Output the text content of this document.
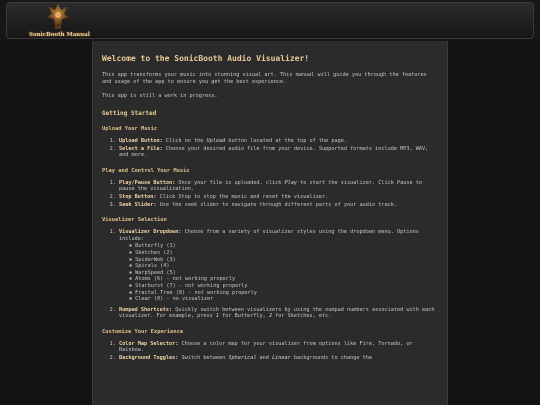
SonicBooth Manual
Welcome to the SonicBooth Audio Visualizer!

This app transforms your music into stunning visual art. This manual will guide you through the features and usage of the app to ensure you get the best experience.

This app is still a work in progress.

Getting Started
Upload Your Music
1. Upload Button: Click on the Upload button located at the top of the page.
2. Select a File: Choose your desired audio file from your device. Supported formats include MP3, WAV, and more.
Play and Control Your Music
1. Play/Pause Button: Once your file is uploaded, click Play to start the visualizer. Click Pause to pause the visualization.
2. Stop Button: Click Stop to stop the music and reset the visualizer.
3. Seek Slider: Use the seek slider to navigate through different parts of your audio track.
Visualizer Selection
1. Visualizer Dropdown: Choose from a variety of visualizer styles using the dropdown menu. Options include:
▪ Butterfly (1)
▪ Sketches (2)
▪ SpiderWeb (3)
▪ Spirals (4)
▪ WarpSpeed (5)
▪ Atoms (6) - not working properly
▪ Starburst (7) - not working properly
▪ Fractal Tree (8) - not working properly
▪ Clear (0) - no visualizer
2. Numpad Shortcuts: Quickly switch between visualizers by using the numpad numbers associated with each visualizer. For example, press 1 for Butterfly, 2 for Sketches, etc.
Customize Your Experience
1. Color Map Selector: Choose a color map for your visualizer from options like Fire, Tornado, or Rainbow.
2. Background Toggles: Switch between Spherical and Linear backgrounds to change the
